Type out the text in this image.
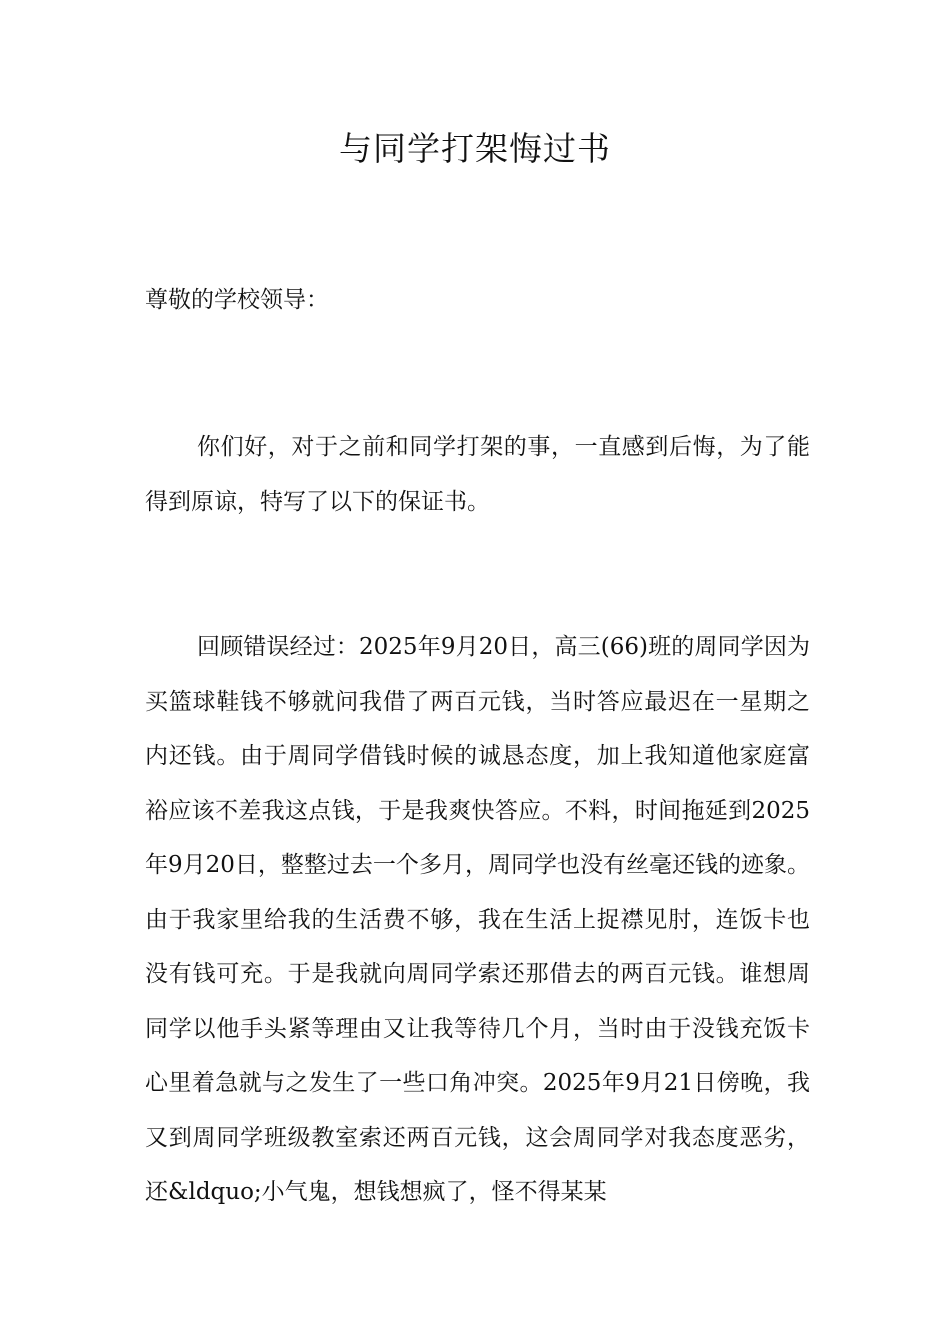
与同学打架悔过书
尊敬的学校领导：
你们好，对于之前和同学打架的事，一直感到后悔，为了能得到原谅，特写了以下的保证书。
回顾错误经过：2025年9月20日，高三(66)班的周同学因为买篮球鞋钱不够就问我借了两百元钱，当时答应最迟在一星期之内还钱。由于周同学借钱时候的诚恳态度，加上我知道他家庭富裕应该不差我这点钱，于是我爽快答应。不料，时间拖延到2025年9月20日，整整过去一个多月，周同学也没有丝毫还钱的迹象。由于我家里给我的生活费不够，我在生活上捉襟见肘，连饭卡也没有钱可充。于是我就向周同学索还那借去的两百元钱。谁想周同学以他手头紧等理由又让我等待几个月，当时由于没钱充饭卡心里着急就与之发生了一些口角冲突。2025年9月21日傍晚，我又到周同学班级教室索还两百元钱，这会周同学对我态度恶劣，还&ldquo;小气鬼，想钱想疯了，怪不得某某
